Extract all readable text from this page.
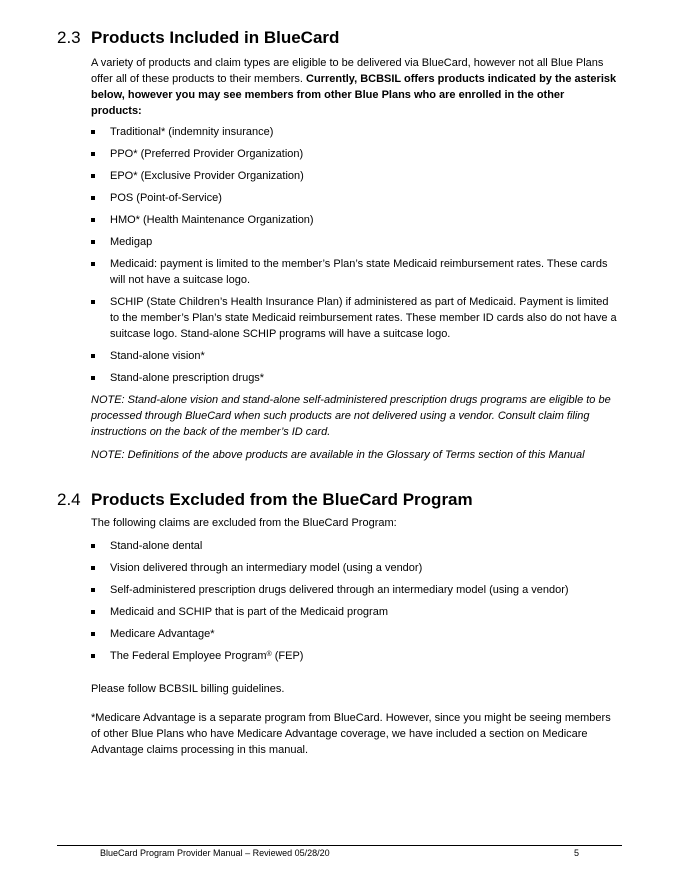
2.3 Products Included in BlueCard

A variety of products and claim types are eligible to be delivered via BlueCard, however not all Blue Plans offer all of these products to their members. Currently, BCBSIL offers products indicated by the asterisk below, however you may see members from other Blue Plans who are enrolled in the other products:

Traditional* (indemnity insurance)
PPO* (Preferred Provider Organization)
EPO* (Exclusive Provider Organization)
POS (Point-of-Service)
HMO* (Health Maintenance Organization)
Medigap
Medicaid: payment is limited to the member’s Plan’s state Medicaid reimbursement rates. These cards will not have a suitcase logo.
SCHIP (State Children’s Health Insurance Plan) if administered as part of Medicaid. Payment is limited to the member’s Plan’s state Medicaid reimbursement rates. These member ID cards also do not have a suitcase logo. Stand-alone SCHIP programs will have a suitcase logo.
Stand-alone vision*
Stand-alone prescription drugs*

NOTE: Stand-alone vision and stand-alone self-administered prescription drugs programs are eligible to be processed through BlueCard when such products are not delivered using a vendor. Consult claim filing instructions on the back of the member’s ID card.

NOTE: Definitions of the above products are available in the Glossary of Terms section of this Manual

2.4 Products Excluded from the BlueCard Program

The following claims are excluded from the BlueCard Program:

Stand-alone dental
Vision delivered through an intermediary model (using a vendor)
Self-administered prescription drugs delivered through an intermediary model (using a vendor)
Medicaid and SCHIP that is part of the Medicaid program
Medicare Advantage*
The Federal Employee Program® (FEP)

Please follow BCBSIL billing guidelines.

*Medicare Advantage is a separate program from BlueCard. However, since you might be seeing members of other Blue Plans who have Medicare Advantage coverage, we have included a section on Medicare Advantage claims processing in this manual.

BlueCard Program Provider Manual – Reviewed 05/28/20	5
